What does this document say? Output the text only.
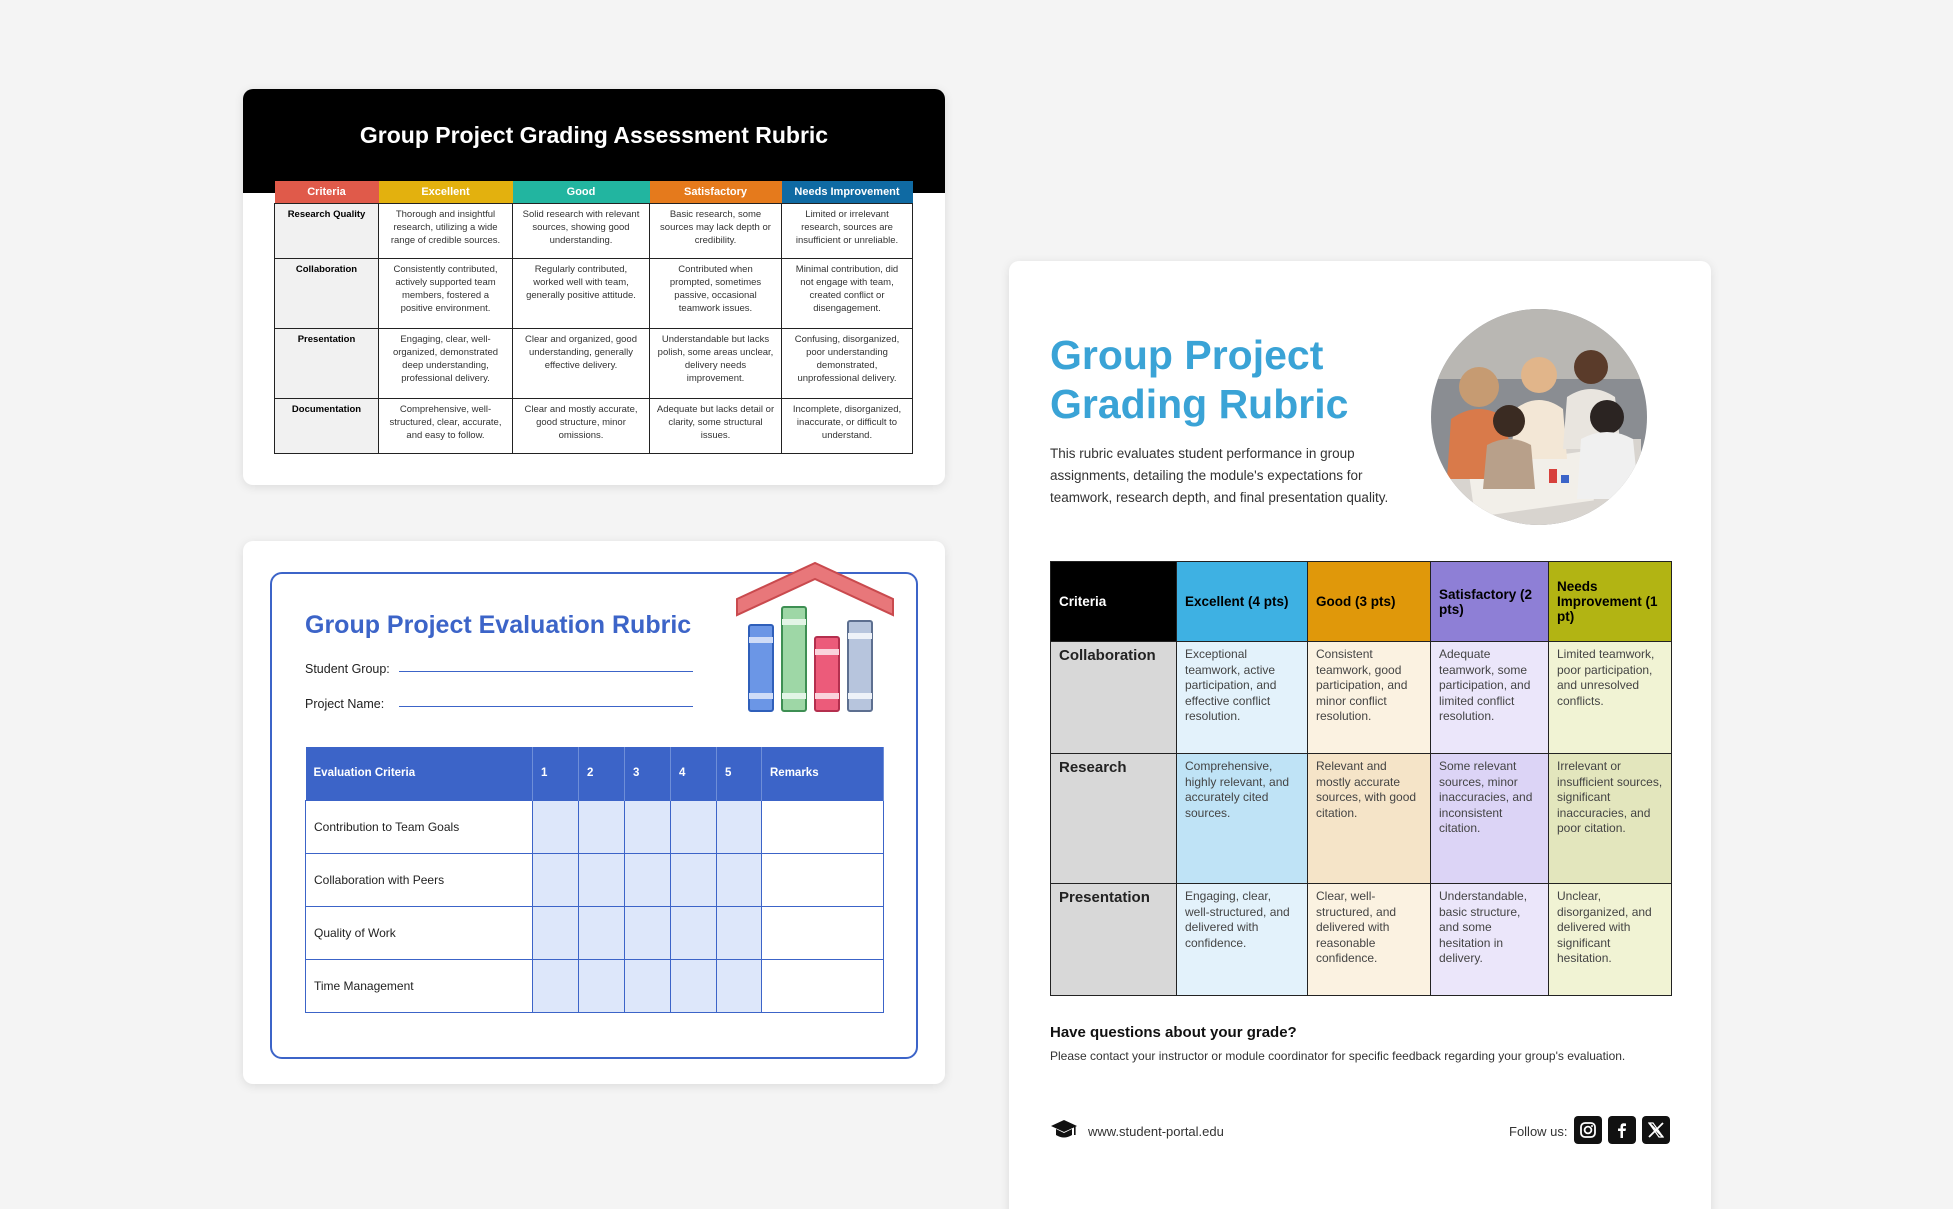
Group Project Grading Assessment Rubric
Criteria	Excellent	Good	Satisfactory	Needs Improvement
Research Quality	Thorough and insightful research, utilizing a wide range of credible sources.	Solid research with relevant sources, showing good understanding.	Basic research, some sources may lack depth or credibility.	Limited or irrelevant research, sources are insufficient or unreliable.
Collaboration	Consistently contributed, actively supported team members, fostered a positive environment.	Regularly contributed, worked well with team, generally positive attitude.	Contributed when prompted, sometimes passive, occasional teamwork issues.	Minimal contribution, did not engage with team, created conflict or disengagement.
Presentation	Engaging, clear, well-organized, demonstrated deep understanding, professional delivery.	Clear and organized, good understanding, generally effective delivery.	Understandable but lacks polish, some areas unclear, delivery needs improvement.	Confusing, disorganized, poor understanding demonstrated, unprofessional delivery.
Documentation	Comprehensive, well-structured, clear, accurate, and easy to follow.	Clear and mostly accurate, good structure, minor omissions.	Adequate but lacks detail or clarity, some structural issues.	Incomplete, disorganized, inaccurate, or difficult to understand.
Group Project Evaluation Rubric
Student Group:
Project Name:
Evaluation Criteria	1	2	3	4	5	Remarks
Contribution to Team Goals						
Collaboration with Peers						
Quality of Work						
Time Management						
Group Project Grading Rubric
This rubric evaluates student performance in group assignments, detailing the module's expectations for teamwork, research depth, and final presentation quality.
Criteria	Excellent (4 pts)	Good (3 pts)	Satisfactory (2 pts)	Needs Improvement (1 pt)
Collaboration	Exceptional teamwork, active participation, and effective conflict resolution.	Consistent teamwork, good participation, and minor conflict resolution.	Adequate teamwork, some participation, and limited conflict resolution.	Limited teamwork, poor participation, and unresolved conflicts.
Research	Comprehensive, highly relevant, and accurately cited sources.	Relevant and mostly accurate sources, with good citation.	Some relevant sources, minor inaccuracies, and inconsistent citation.	Irrelevant or insufficient sources, significant inaccuracies, and poor citation.
Presentation	Engaging, clear, well-structured, and delivered with confidence.	Clear, well-structured, and delivered with reasonable confidence.	Understandable, basic structure, and some hesitation in delivery.	Unclear, disorganized, and delivered with significant hesitation.
Have questions about your grade?
Please contact your instructor or module coordinator for specific feedback regarding your group's evaluation.
www.student-portal.edu	Follow us:
